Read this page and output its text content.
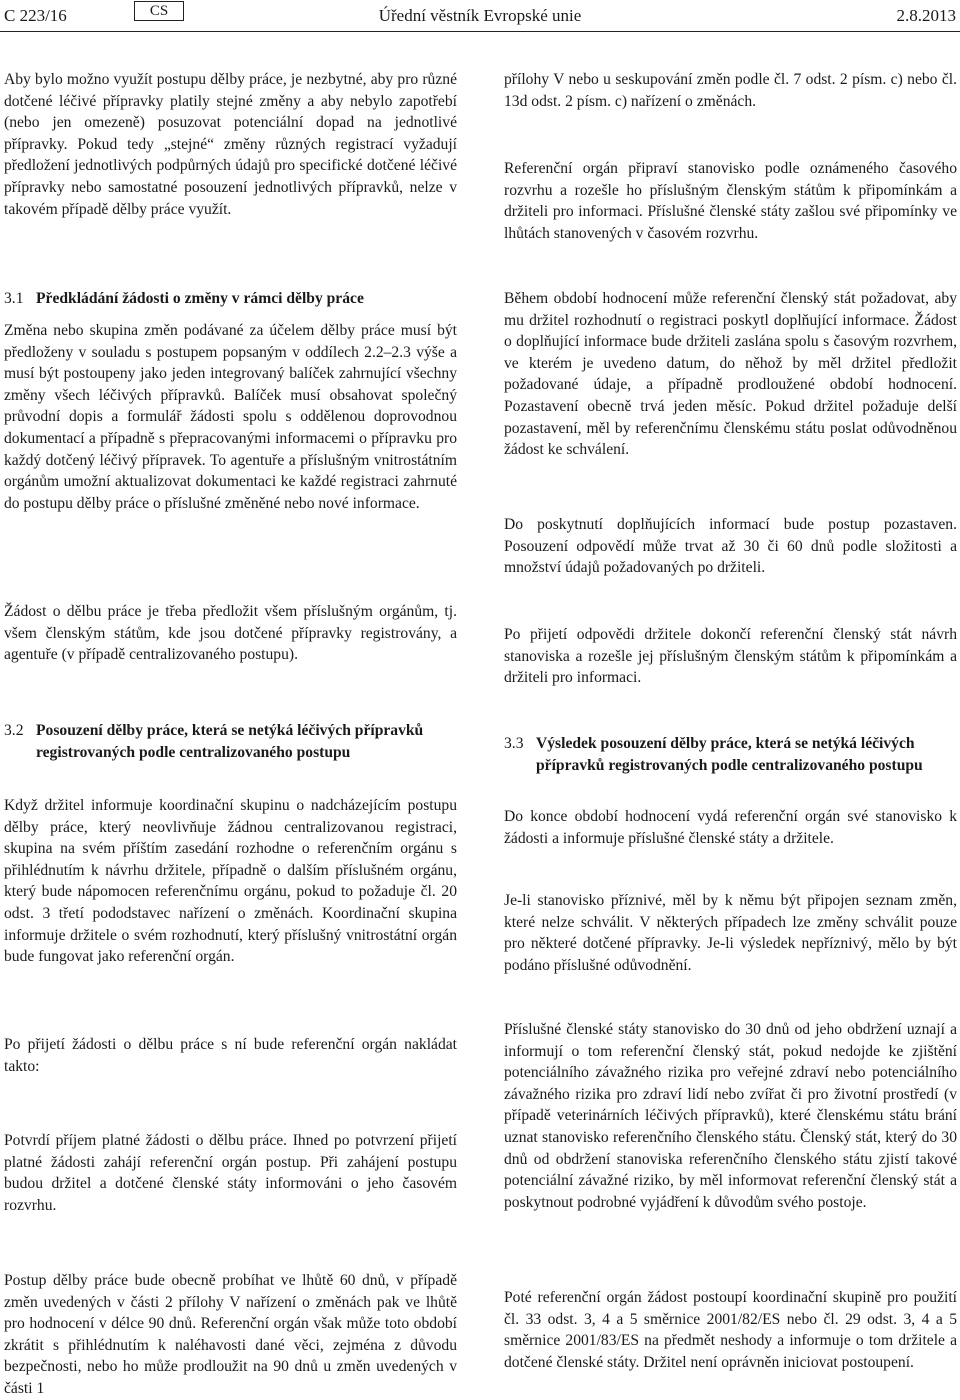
C 223/16	CS	Úřední věstník Evropské unie	2.8.2013

Aby bylo možno využít postupu dělby práce, je nezbytné, aby pro různé dotčené léčivé přípravky platily stejné změny a aby nebylo zapotřebí (nebo jen omezeně) posuzovat potenciální dopad na jednotlivé přípravky. Pokud tedy „stejné“ změny různých registrací vyžadují předložení jednotlivých podpůrných údajů pro specifické dotčené léčivé přípravky nebo samostatné posouzení jednotlivých přípravků, nelze v takovém případě dělby práce využít.

3.1 Předkládání žádosti o změny v rámci dělby práce

Změna nebo skupina změn podávané za účelem dělby práce musí být předloženy v souladu s postupem popsaným v oddílech 2.2–2.3 výše a musí být postoupeny jako jeden integrovaný balíček zahrnující všechny změny všech léčivých přípravků. Balíček musí obsahovat společný průvodní dopis a formulář žádosti spolu s oddělenou doprovodnou dokumentací a případně s přepracovanými informacemi o přípravku pro každý dotčený léčivý přípravek. To agentuře a příslušným vnitrostátním orgánům umožní aktualizovat dokumentaci ke každé registraci zahrnuté do postupu dělby práce o příslušné změněné nebo nové informace.

Žádost o dělbu práce je třeba předložit všem příslušným orgánům, tj. všem členským státům, kde jsou dotčené přípravky registrovány, a agentuře (v případě centralizovaného postupu).

3.2 Posouzení dělby práce, která se netýká léčivých přípravků registrovaných podle centralizovaného postupu

Když držitel informuje koordinační skupinu o nadcházejícím postupu dělby práce, který neovlivňuje žádnou centralizovanou registraci, skupina na svém příštím zasedání rozhodne o referenčním orgánu s přihlédnutím k návrhu držitele, případně o dalším příslušném orgánu, který bude nápomocen referenčnímu orgánu, pokud to požaduje čl. 20 odst. 3 třetí pododstavec nařízení o změnách. Koordinační skupina informuje držitele o svém rozhodnutí, který příslušný vnitrostátní orgán bude fungovat jako referenční orgán.

Po přijetí žádosti o dělbu práce s ní bude referenční orgán nakládat takto:

Potvrdí příjem platné žádosti o dělbu práce. Ihned po potvrzení přijetí platné žádosti zahájí referenční orgán postup. Při zahájení postupu budou držitel a dotčené členské státy informováni o jeho časovém rozvrhu.

Postup dělby práce bude obecně probíhat ve lhůtě 60 dnů, v případě změn uvedených v části 2 přílohy V nařízení o změnách pak ve lhůtě pro hodnocení v délce 90 dnů. Referenční orgán však může toto období zkrátit s přihlédnutím k naléhavosti dané věci, zejména z důvodu bezpečnosti, nebo ho může prodloužit na 90 dnů u změn uvedených v části 1

přílohy V nebo u seskupování změn podle čl. 7 odst. 2 písm. c) nebo čl. 13d odst. 2 písm. c) nařízení o změnách.

Referenční orgán připraví stanovisko podle oznámeného časového rozvrhu a rozešle ho příslušným členským státům k připomínkám a držiteli pro informaci. Příslušné členské státy zašlou své připomínky ve lhůtách stanovených v časovém rozvrhu.

Během období hodnocení může referenční členský stát požadovat, aby mu držitel rozhodnutí o registraci poskytl doplňující informace. Žádost o doplňující informace bude držiteli zaslána spolu s časovým rozvrhem, ve kterém je uvedeno datum, do něhož by měl držitel předložit požadované údaje, a případně prodloužené období hodnocení. Pozastavení obecně trvá jeden měsíc. Pokud držitel požaduje delší pozastavení, měl by referenčnímu členskému státu poslat odůvodněnou žádost ke schválení.

Do poskytnutí doplňujících informací bude postup pozastaven. Posouzení odpovědí může trvat až 30 či 60 dnů podle složitosti a množství údajů požadovaných po držiteli.

Po přijetí odpovědi držitele dokončí referenční členský stát návrh stanoviska a rozešle jej příslušným členským státům k připomínkám a držiteli pro informaci.

3.3 Výsledek posouzení dělby práce, která se netýká léčivých přípravků registrovaných podle centralizovaného postupu

Do konce období hodnocení vydá referenční orgán své stanovisko k žádosti a informuje příslušné členské státy a držitele.

Je-li stanovisko příznivé, měl by k němu být připojen seznam změn, které nelze schválit. V některých případech lze změny schválit pouze pro některé dotčené přípravky. Je-li výsledek nepříznivý, mělo by být podáno příslušné odůvodnění.

Příslušné členské státy stanovisko do 30 dnů od jeho obdržení uznají a informují o tom referenční členský stát, pokud nedojde ke zjištění potenciálního závažného rizika pro veřejné zdraví nebo potenciálního závažného rizika pro zdraví lidí nebo zvířat či pro životní prostředí (v případě veterinárních léčivých přípravků), které členskému státu brání uznat stanovisko referenčního členského státu. Členský stát, který do 30 dnů od obdržení stanoviska referenčního členského státu zjistí takové potenciální závažné riziko, by měl informovat referenční členský stát a poskytnout podrobné vyjádření k důvodům svého postoje.

Poté referenční orgán žádost postoupí koordinační skupině pro použití čl. 33 odst. 3, 4 a 5 směrnice 2001/82/ES nebo čl. 29 odst. 3, 4 a 5 směrnice 2001/83/ES na předmět neshody a informuje o tom držitele a dotčené členské státy. Držitel není oprávněn iniciovat postoupení.
